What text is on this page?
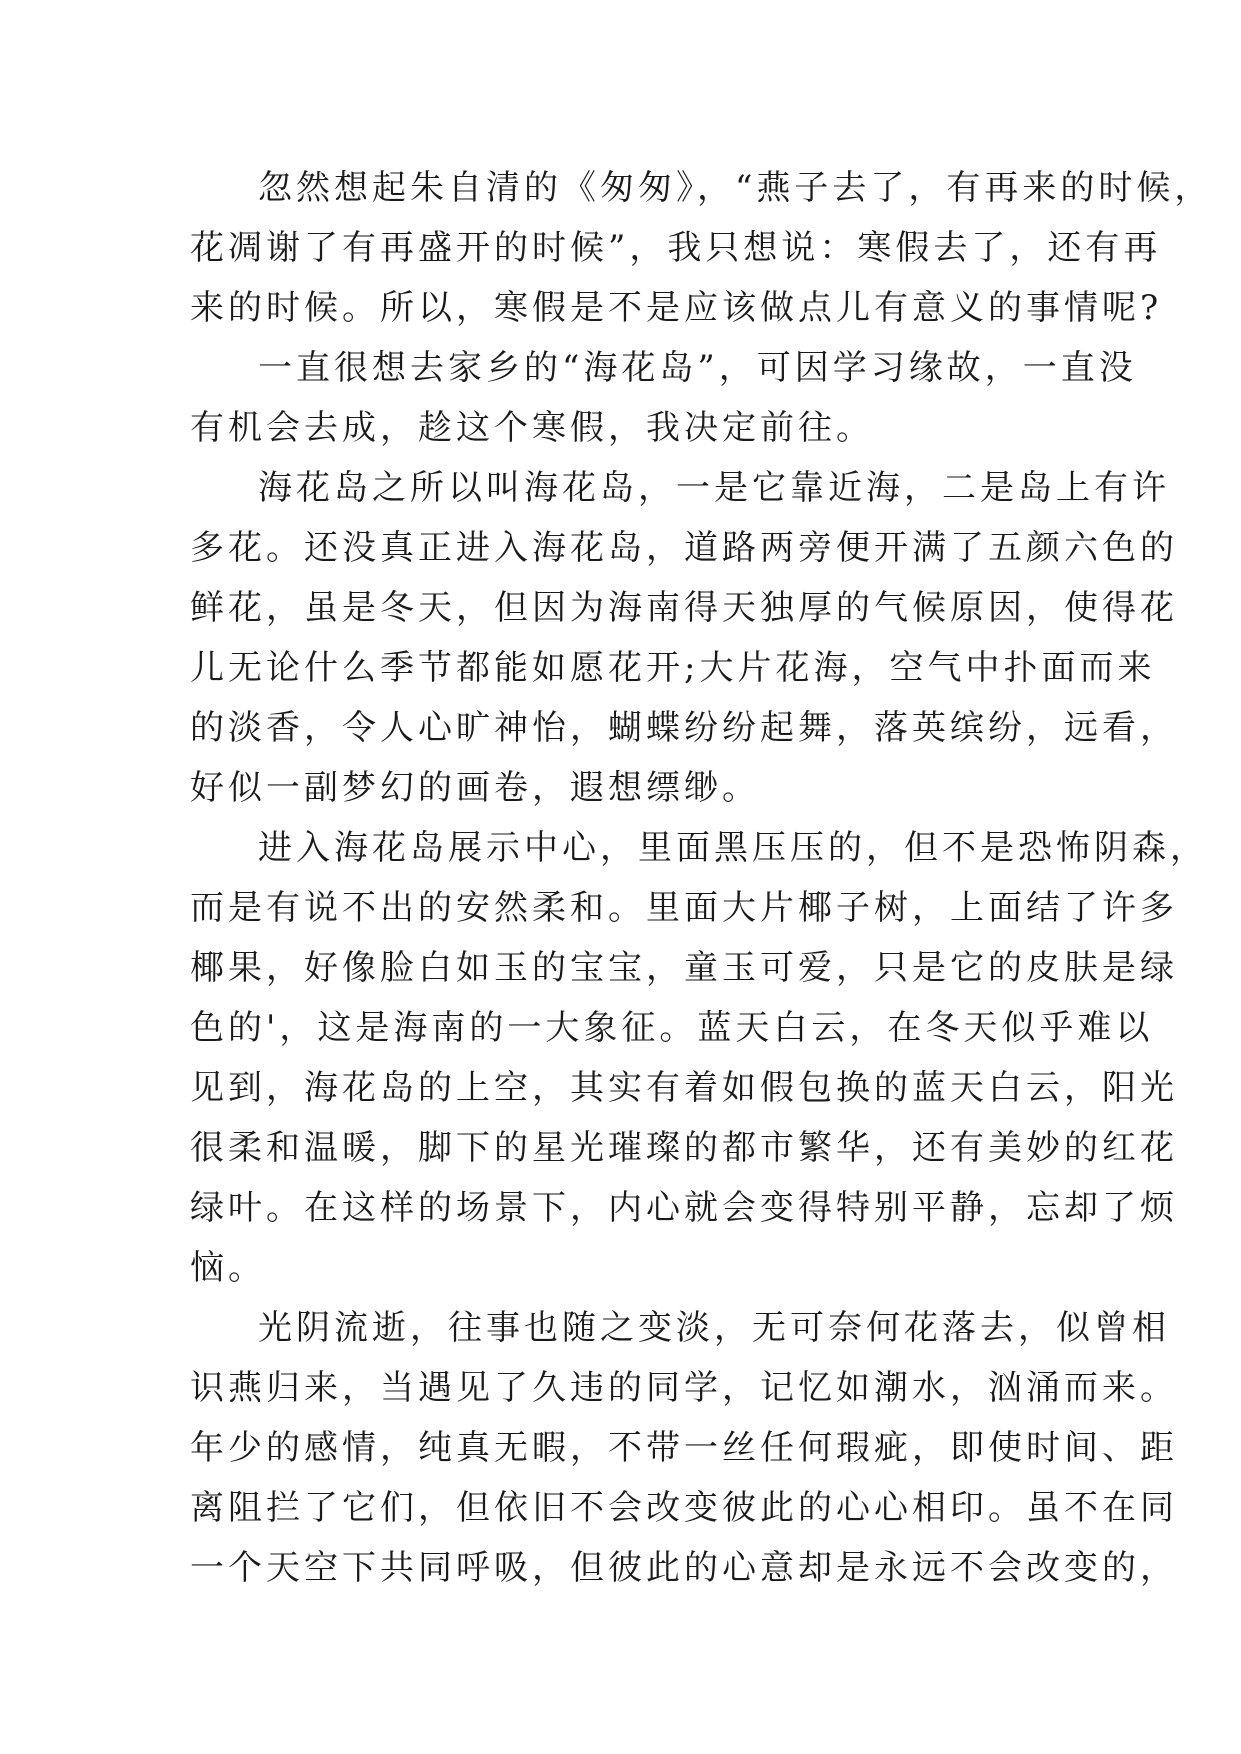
忽然想起朱自清的《匆匆》，“燕子去了，有再来的时候，
花凋谢了有再盛开的时候”，我只想说：寒假去了，还有再
来的时候。所以，寒假是不是应该做点儿有意义的事情呢?
一直很想去家乡的“海花岛”，可因学习缘故，一直没
有机会去成，趁这个寒假，我决定前往。
海花岛之所以叫海花岛，一是它靠近海，二是岛上有许
多花。还没真正进入海花岛，道路两旁便开满了五颜六色的
鲜花，虽是冬天，但因为海南得天独厚的气候原因，使得花
儿无论什么季节都能如愿花开;大片花海，空气中扑面而来
的淡香，令人心旷神怡，蝴蝶纷纷起舞，落英缤纷，远看，
好似一副梦幻的画卷，遐想缥缈。
进入海花岛展示中心，里面黑压压的，但不是恐怖阴森，
而是有说不出的安然柔和。里面大片椰子树，上面结了许多
椰果，好像脸白如玉的宝宝，童玉可爱，只是它的皮肤是绿
色的'，这是海南的一大象征。蓝天白云，在冬天似乎难以
见到，海花岛的上空，其实有着如假包换的蓝天白云，阳光
很柔和温暖，脚下的星光璀璨的都市繁华，还有美妙的红花
绿叶。在这样的场景下，内心就会变得特别平静，忘却了烦
恼。
光阴流逝，往事也随之变淡，无可奈何花落去，似曾相
识燕归来，当遇见了久违的同学，记忆如潮水，汹涌而来。
年少的感情，纯真无暇，不带一丝任何瑕疵，即使时间、距
离阻拦了它们，但依旧不会改变彼此的心心相印。虽不在同
一个天空下共同呼吸，但彼此的心意却是永远不会改变的，
